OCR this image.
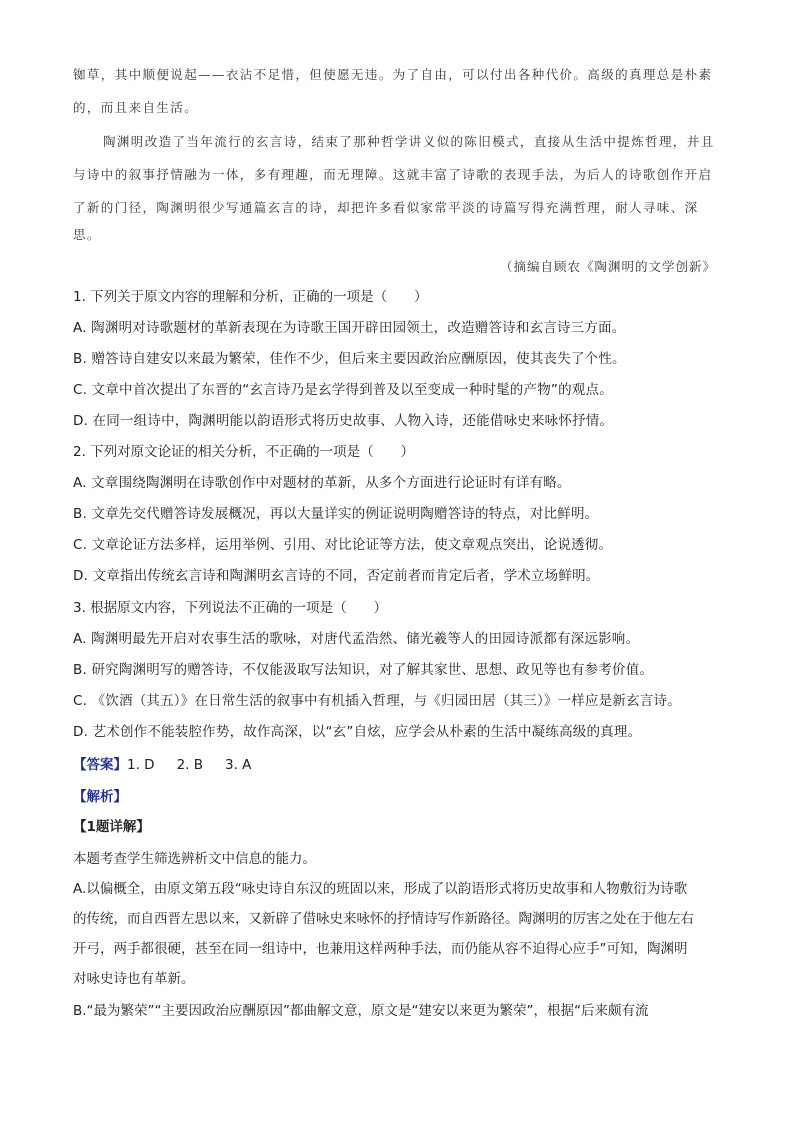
铷草，其中顺便说起——衣沾不足惜，但使愿无违。为了自由，可以付出各种代价。高级的真理总是朴素
的，而且来自生活。
陶渊明改造了当年流行的玄言诗，结束了那种哲学讲义似的陈旧模式，直接从生活中提炼哲理，并且
与诗中的叙事抒情融为一体，多有理趣，而无理障。这就丰富了诗歌的表现手法，为后人的诗歌创作开启
了新的门径，陶渊明很少写通篇玄言的诗，却把许多看似家常平淡的诗篇写得充满哲理，耐人寻味、深
思。
（摘编自顾农《陶渊明的文学创新》
1. 下列关于原文内容的理解和分析，正确的一项是（　　）
A. 陶渊明对诗歌题材的革新表现在为诗歌王国开辟田园领土，改造赠答诗和玄言诗三方面。
B. 赠答诗自建安以来最为繁荣，佳作不少，但后来主要因政治应酬原因，使其丧失了个性。
C. 文章中首次提出了东晋的“玄言诗乃是玄学得到普及以至变成一种时髦的产物”的观点。
D. 在同一组诗中，陶渊明能以韵语形式将历史故事、人物入诗，还能借咏史来咏怀抒情。
2. 下列对原文论证的相关分析，不正确的一项是（　　）
A. 文章围绕陶渊明在诗歌创作中对题材的革新，从多个方面进行论证时有详有略。
B. 文章先交代赠答诗发展概况，再以大量详实的例证说明陶赠答诗的特点，对比鲜明。
C. 文章论证方法多样，运用举例、引用、对比论证等方法，使文章观点突出，论说透彻。
D. 文章指出传统玄言诗和陶渊明玄言诗的不同，否定前者而肯定后者，学术立场鲜明。
3. 根据原文内容，下列说法不正确的一项是（　　）
A. 陶渊明最先开启对农事生活的歌咏，对唐代孟浩然、储光羲等人的田园诗派都有深远影响。
B. 研究陶渊明写的赠答诗，不仅能汲取写法知识，对了解其家世、思想、政见等也有参考价值。
C. 《饮酒（其五）》在日常生活的叙事中有机插入哲理，与《归园田居（其三）》一样应是新玄言诗。
D. 艺术创作不能装腔作势，故作高深，以“玄”自炫，应学会从朴素的生活中凝练高级的真理。
【答案】1. D 2. B 3. A
【解析】
【1题详解】
本题考查学生筛选辨析文中信息的能力。
A.以偏概全，由原文第五段“咏史诗自东汉的班固以来，形成了以韵语形式将历史故事和人物敷衍为诗歌
的传统，而自西晋左思以来，又新辟了借咏史来咏怀的抒情诗写作新路径。陶渊明的厉害之处在于他左右
开弓，两手都很硬，甚至在同一组诗中，也兼用这样两种手法，而仍能从容不迫得心应手”可知，陶渊明
对咏史诗也有革新。
B.“最为繁荣”“主要因政治应酬原因”都曲解文意，原文是“建安以来更为繁荣”，根据“后来颇有流
